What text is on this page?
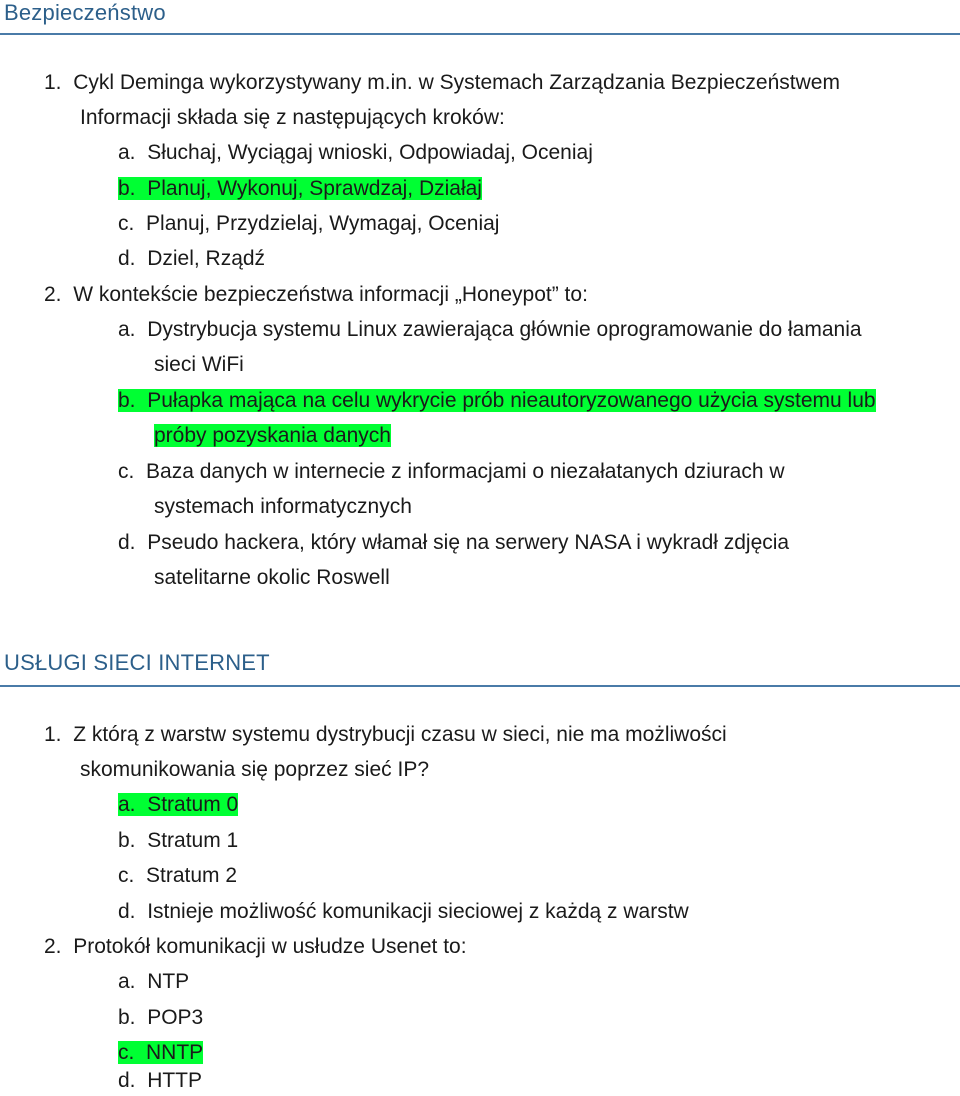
Bezpieczeństwo
1. Cykl Deminga wykorzystywany m.in. w Systemach Zarządzania Bezpieczeństwem
Informacji składa się z następujących kroków:
a. Słuchaj, Wyciągaj wnioski, Odpowiadaj, Oceniaj
b. Planuj, Wykonuj, Sprawdzaj, Działaj
c. Planuj, Przydzielaj, Wymagaj, Oceniaj
d. Dziel, Rządź
2. W kontekście bezpieczeństwa informacji „Honeypot” to:
a. Dystrybucja systemu Linux zawierająca głównie oprogramowanie do łamania
sieci WiFi
b. Pułapka mająca na celu wykrycie prób nieautoryzowanego użycia systemu lub
próby pozyskania danych
c. Baza danych w internecie z informacjami o niezałatanych dziurach w
systemach informatycznych
d. Pseudo hackera, który włamał się na serwery NASA i wykradł zdjęcia
satelitarne okolic Roswell
USŁUGI SIECI INTERNET
1. Z którą z warstw systemu dystrybucji czasu w sieci, nie ma możliwości
skomunikowania się poprzez sieć IP?
a. Stratum 0
b. Stratum 1
c. Stratum 2
d. Istnieje możliwość komunikacji sieciowej z każdą z warstw
2. Protokół komunikacji w usłudze Usenet to:
a. NTP
b. POP3
c. NNTP
d. HTTP
